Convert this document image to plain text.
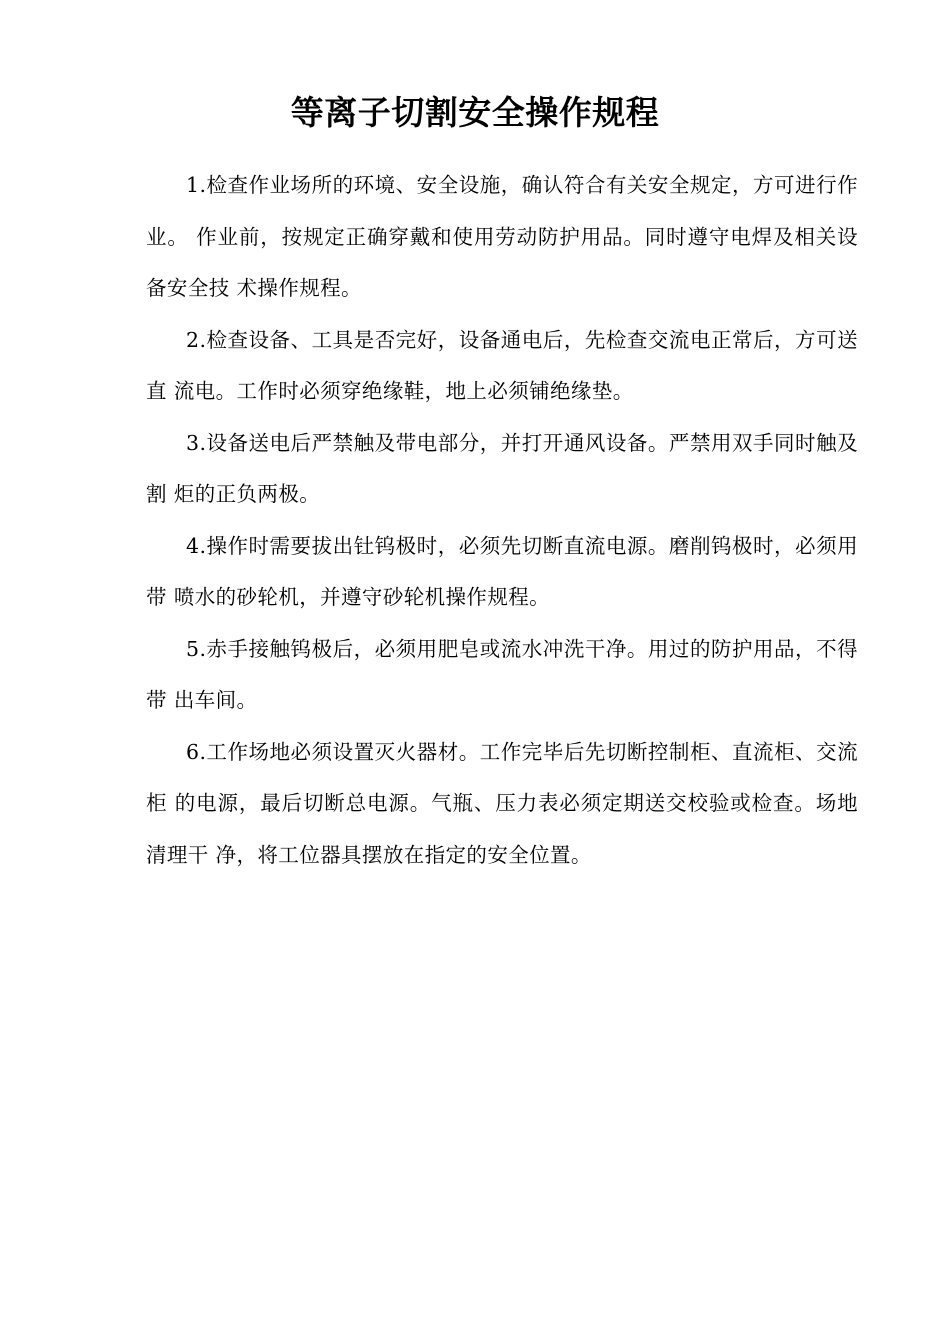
等离子切割安全操作规程

1.检查作业场所的环境、安全设施，确认符合有关安全规定，方可进行作业。 作业前，按规定正确穿戴和使用劳动防护用品。同时遵守电焊及相关设备安全技 术操作规程。

2.检查设备、工具是否完好，设备通电后，先检查交流电正常后，方可送直 流电。工作时必须穿绝缘鞋，地上必须铺绝缘垫。

3.设备送电后严禁触及带电部分，并打开通风设备。严禁用双手同时触及割 炬的正负两极。

4.操作时需要拔出钍钨极时，必须先切断直流电源。磨削钨极时，必须用带 喷水的砂轮机，并遵守砂轮机操作规程。

5.赤手接触钨极后，必须用肥皂或流水冲洗干净。用过的防护用品，不得带 出车间。

6.工作场地必须设置灭火器材。工作完毕后先切断控制柜、直流柜、交流柜 的电源，最后切断总电源。气瓶、压力表必须定期送交校验或检查。场地清理干 净，将工位器具摆放在指定的安全位置。
